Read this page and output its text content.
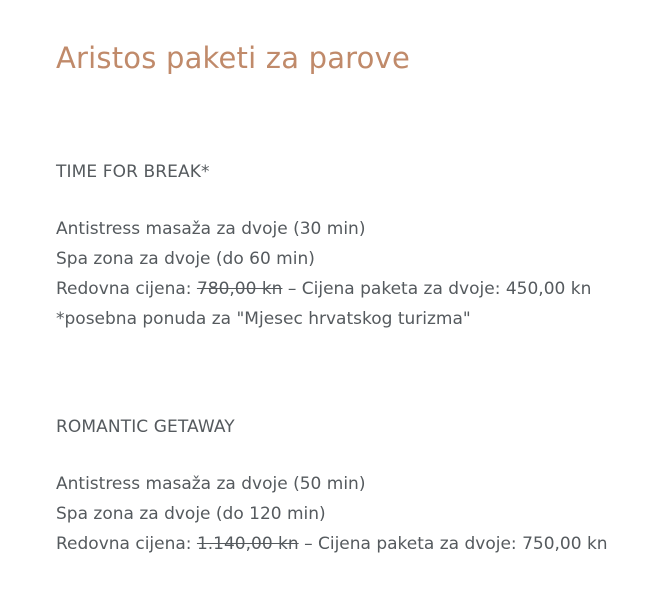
Aristos paketi za parove
TIME FOR BREAK*
Antistress masaža za dvoje (30 min)
Spa zona za dvoje (do 60 min)
Redovna cijena: 780,00 kn – Cijena paketa za dvoje: 450,00 kn
*posebna ponuda za "Mjesec hrvatskog turizma"
ROMANTIC GETAWAY
Antistress masaža za dvoje (50 min)
Spa zona za dvoje (do 120 min)
Redovna cijena: 1.140,00 kn – Cijena paketa za dvoje: 750,00 kn
